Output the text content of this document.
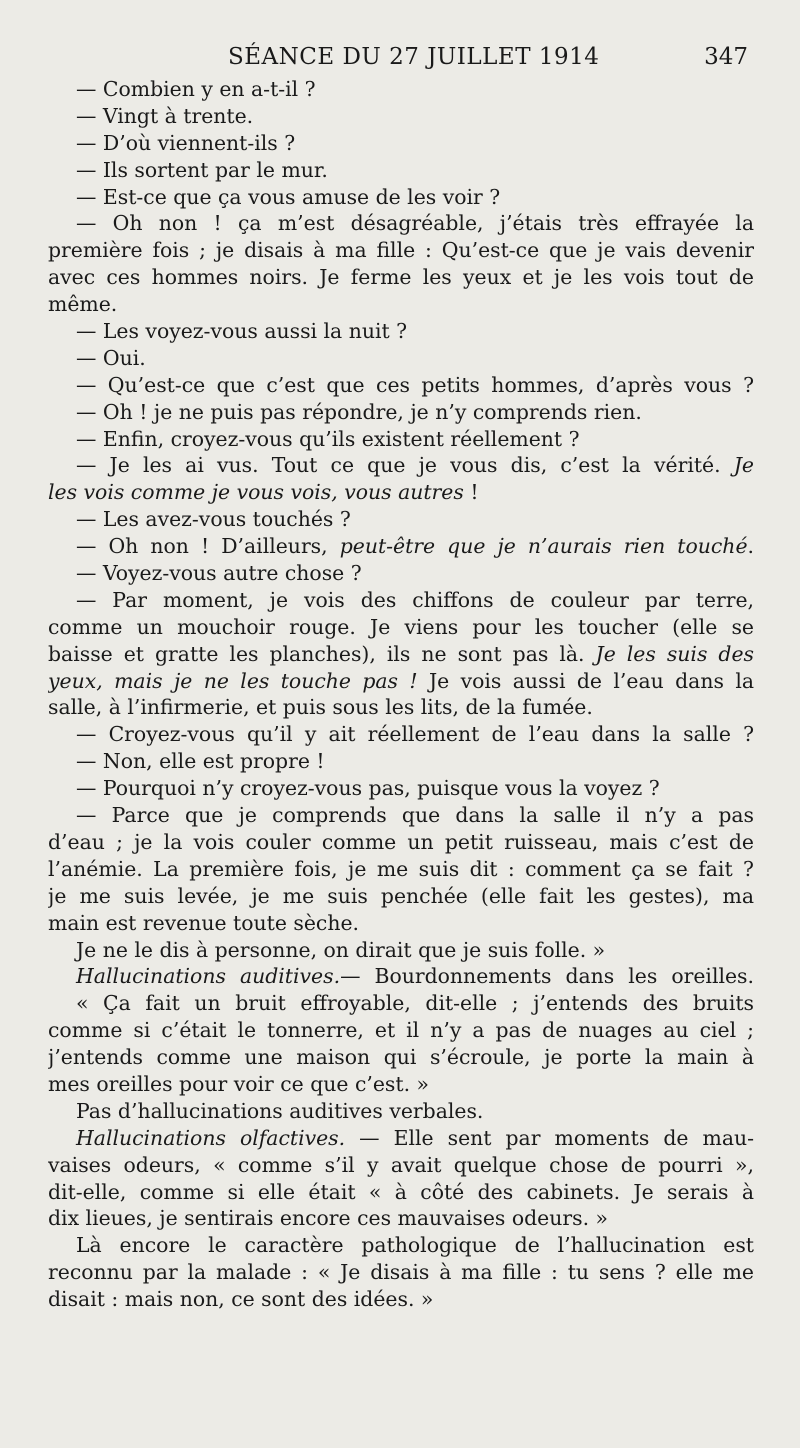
SÉANCE DU 27 JUILLET 1914	347
— Combien y en a-t-il ?
— Vingt à trente.
— D’où viennent-ils ?
— Ils sortent par le mur.
— Est-ce que ça vous amuse de les voir ?
— Oh non ! ça m’est désagréable, j’étais très effrayée la
première fois ; je disais à ma fille : Qu’est-ce que je vais devenir
avec ces hommes noirs. Je ferme les yeux et je les vois tout de
même.
— Les voyez-vous aussi la nuit ?
— Oui.
— Qu’est-ce que c’est que ces petits hommes, d’après vous ?
— Oh ! je ne puis pas répondre, je n’y comprends rien.
— Enfin, croyez-vous qu’ils existent réellement ?
— Je les ai vus. Tout ce que je vous dis, c’est la vérité. Je
les vois comme je vous vois, vous autres !
— Les avez-vous touchés ?
— Oh non ! D’ailleurs, peut-être que je n’aurais rien touché.
— Voyez-vous autre chose ?
— Par moment, je vois des chiffons de couleur par terre,
comme un mouchoir rouge. Je viens pour les toucher (elle se
baisse et gratte les planches), ils ne sont pas là. Je les suis des
yeux, mais je ne les touche pas ! Je vois aussi de l’eau dans la
salle, à l’infirmerie, et puis sous les lits, de la fumée.
— Croyez-vous qu’il y ait réellement de l’eau dans la salle ?
— Non, elle est propre !
— Pourquoi n’y croyez-vous pas, puisque vous la voyez ?
— Parce que je comprends que dans la salle il n’y a pas
d’eau ; je la vois couler comme un petit ruisseau, mais c’est de
l’anémie. La première fois, je me suis dit : comment ça se fait ?
je me suis levée, je me suis penchée (elle fait les gestes), ma
main est revenue toute sèche.
Je ne le dis à personne, on dirait que je suis folle. »
Hallucinations auditives.— Bourdonnements dans les oreilles.
« Ça fait un bruit effroyable, dit-elle ; j’entends des bruits
comme si c’était le tonnerre, et il n’y a pas de nuages au ciel ;
j’entends comme une maison qui s’écroule, je porte la main à
mes oreilles pour voir ce que c’est. »
Pas d’hallucinations auditives verbales.
Hallucinations olfactives. — Elle sent par moments de mau-
vaises odeurs, « comme s’il y avait quelque chose de pourri »,
dit-elle, comme si elle était « à côté des cabinets. Je serais à
dix lieues, je sentirais encore ces mauvaises odeurs. »
Là encore le caractère pathologique de l’hallucination est
reconnu par la malade : « Je disais à ma fille : tu sens ? elle me
disait : mais non, ce sont des idées. »
